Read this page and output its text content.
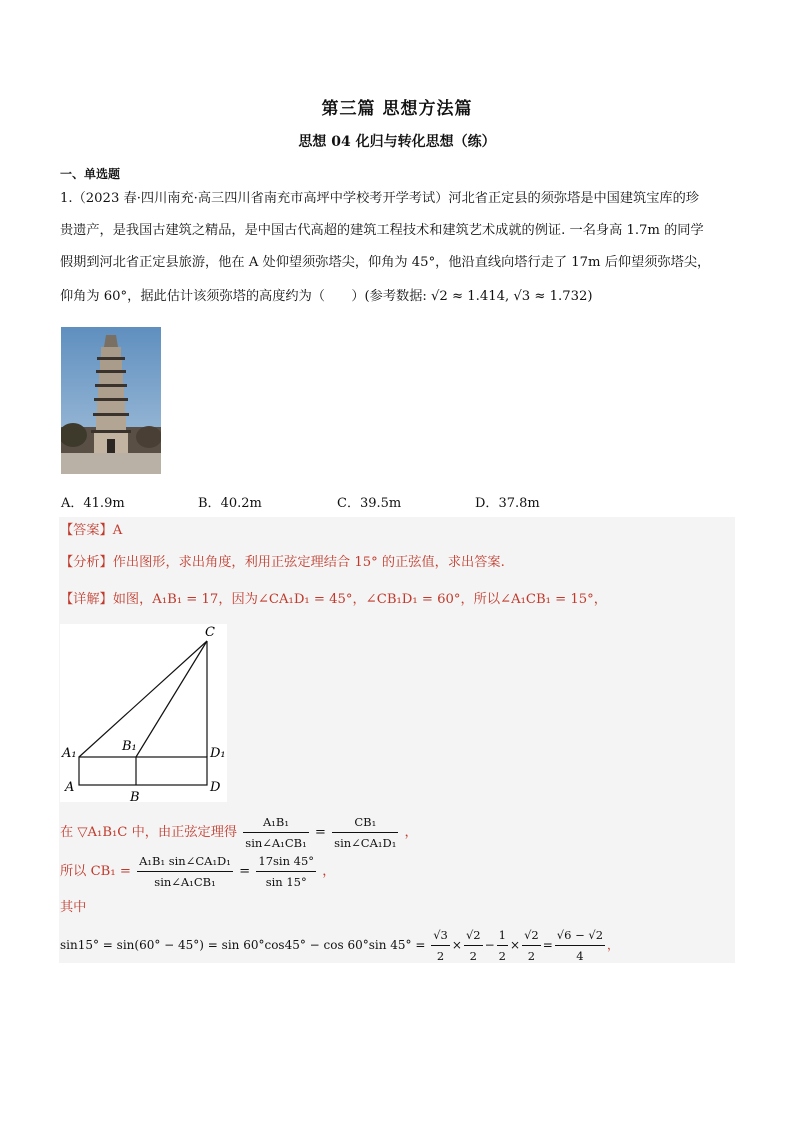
第三篇 思想方法篇
思想 04 化归与转化思想（练）
一、单选题
1.（2023 春·四川南充·高三四川省南充市高坪中学校考开学考试）河北省正定县的须弥塔是中国建筑宝库的珍
贵遗产，是我国古建筑之精品，是中国古代高超的建筑工程技术和建筑艺术成就的例证. 一名身高 1.7m 的同学
假期到河北省正定县旅游，他在 A 处仰望须弥塔尖，仰角为 45°，他沿直线向塔行走了 17m 后仰望须弥塔尖，
仰角为 60°，据此估计该须弥塔的高度约为（　　）(参考数据: √2 ≈ 1.414, √3 ≈ 1.732)
A．41.9m	B．40.2m	C．39.5m	D．37.8m
【答案】A
【分析】作出图形，求出角度，利用正弦定理结合 15° 的正弦值，求出答案.
【详解】如图，A₁B₁ = 17，因为∠CA₁D₁ = 45°，∠CB₁D₁ = 60°，所以∠A₁CB₁ = 15°，
C
A₁	B₁	D₁
A
B
D
在 ▽A₁B₁C 中，由正弦定理得 $\frac{\text{A₁B₁}}{\text{sin∠A₁CB₁}} = \frac{\text{CB₁}}{\text{sin∠CA₁D₁}}$ ，
所以 $CB_1 = \frac{\text{A₁B₁ sin∠CA₁D₁}}{\text{sin∠A₁CB₁}} = \frac{17\sin 45^\circ}{\sin 15^\circ}$ ，
其中
sin15° = sin(60° − 45°) = sin 60°cos45° − cos 60°sin $45^\circ = \frac{√3}{2} \times \frac{√2}{2} - \frac{1}{2} \times \frac{√2}{2} = \frac{√6 - √2}{4}$ ，
